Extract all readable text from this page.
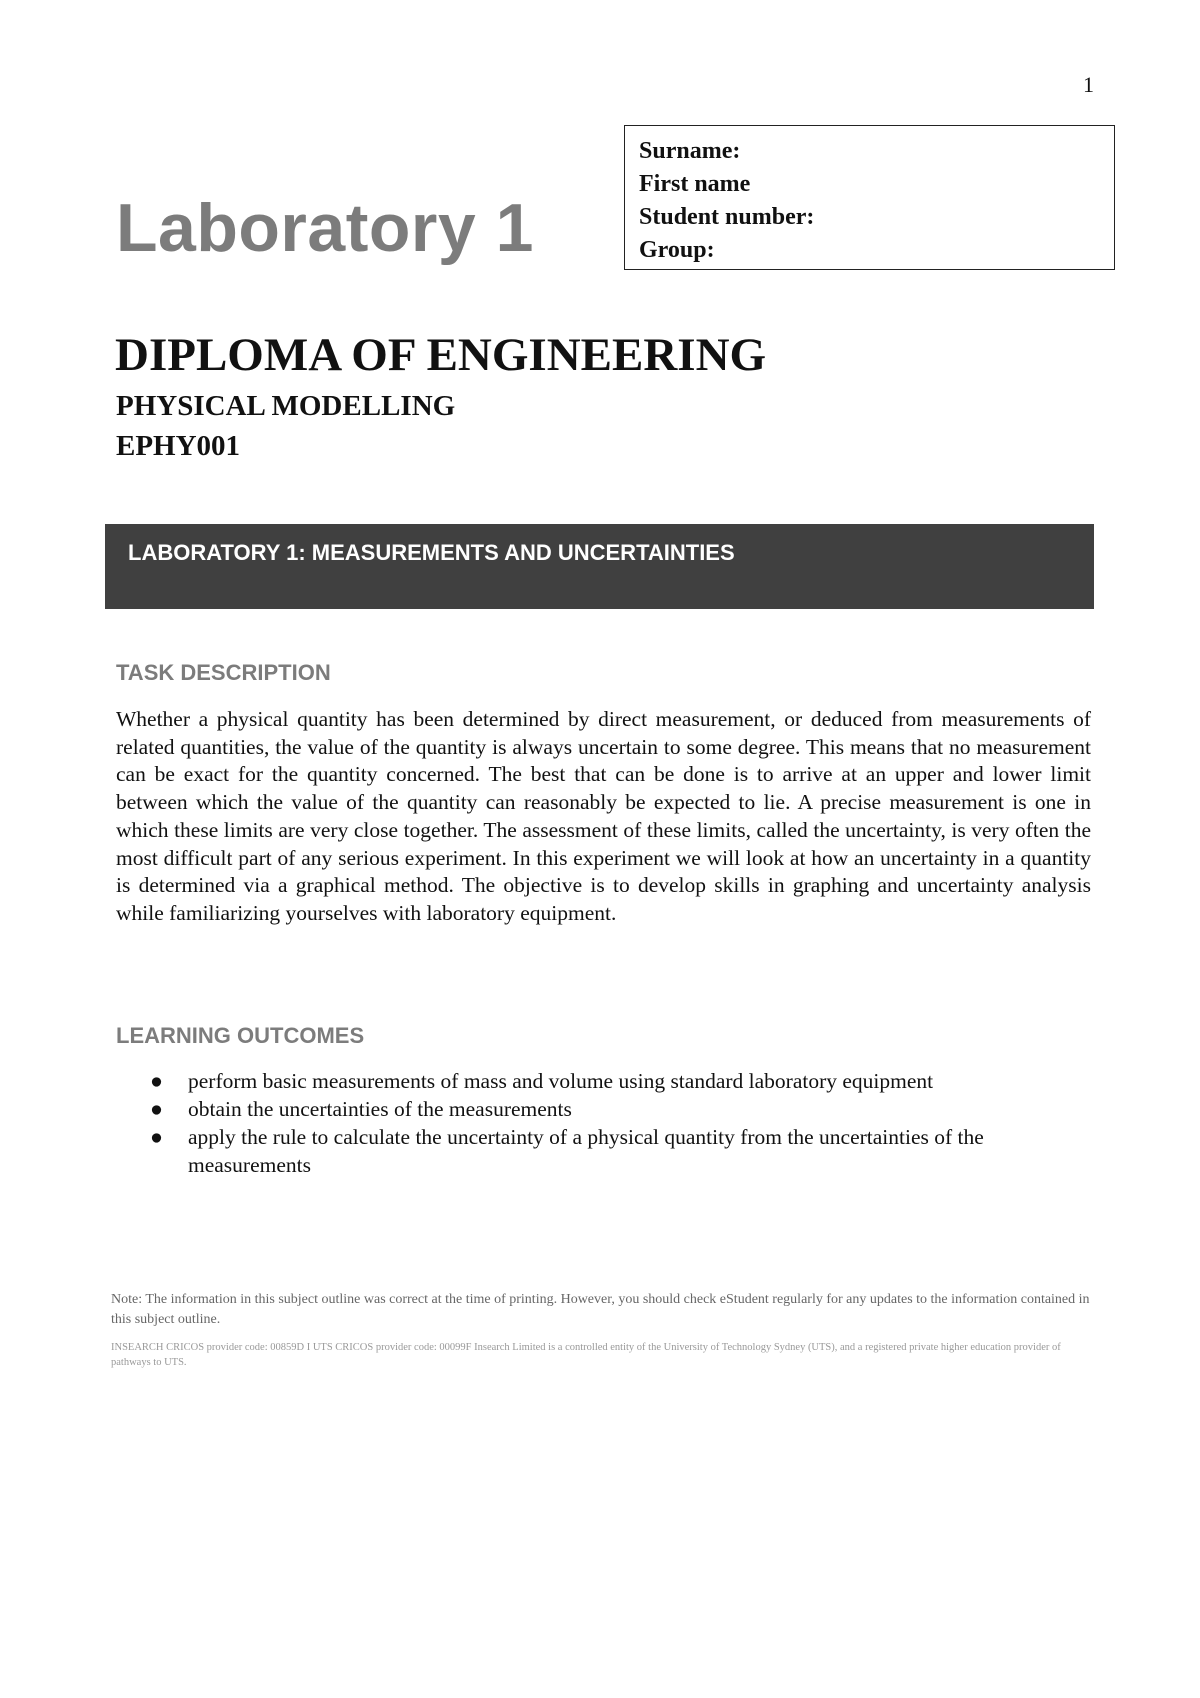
1
Laboratory 1
Surname:
First name
Student number:
Group:
DIPLOMA OF ENGINEERING
PHYSICAL MODELLING
EPHY001
LABORATORY 1: MEASUREMENTS AND UNCERTAINTIES
TASK DESCRIPTION

Whether a physical quantity has been determined by direct measurement, or deduced from measurements of related quantities, the value of the quantity is always uncertain to some degree. This means that no measurement can be exact for the quantity concerned. The best that can be done is to arrive at an upper and lower limit between which the value of the quantity can reasonably be expected to lie. A precise measurement is one in which these limits are very close together. The assessment of these limits, called the uncertainty, is very often the most difficult part of any serious experiment. In this experiment we will look at how an uncertainty in a quantity is determined via a graphical method. The objective is to develop skills in graphing and uncertainty analysis while familiarizing yourselves with laboratory equipment.

LEARNING OUTCOMES
● perform basic measurements of mass and volume using standard laboratory equipment
● obtain the uncertainties of the measurements
● apply the rule to calculate the uncertainty of a physical quantity from the uncertainties of the measurements

Note: The information in this subject outline was correct at the time of printing. However, you should check eStudent regularly for any updates to the information contained in this subject outline.

INSEARCH CRICOS provider code: 00859D I UTS CRICOS provider code: 00099F Insearch Limited is a controlled entity of the University of Technology Sydney (UTS), and a registered private higher education provider of pathways to UTS.
